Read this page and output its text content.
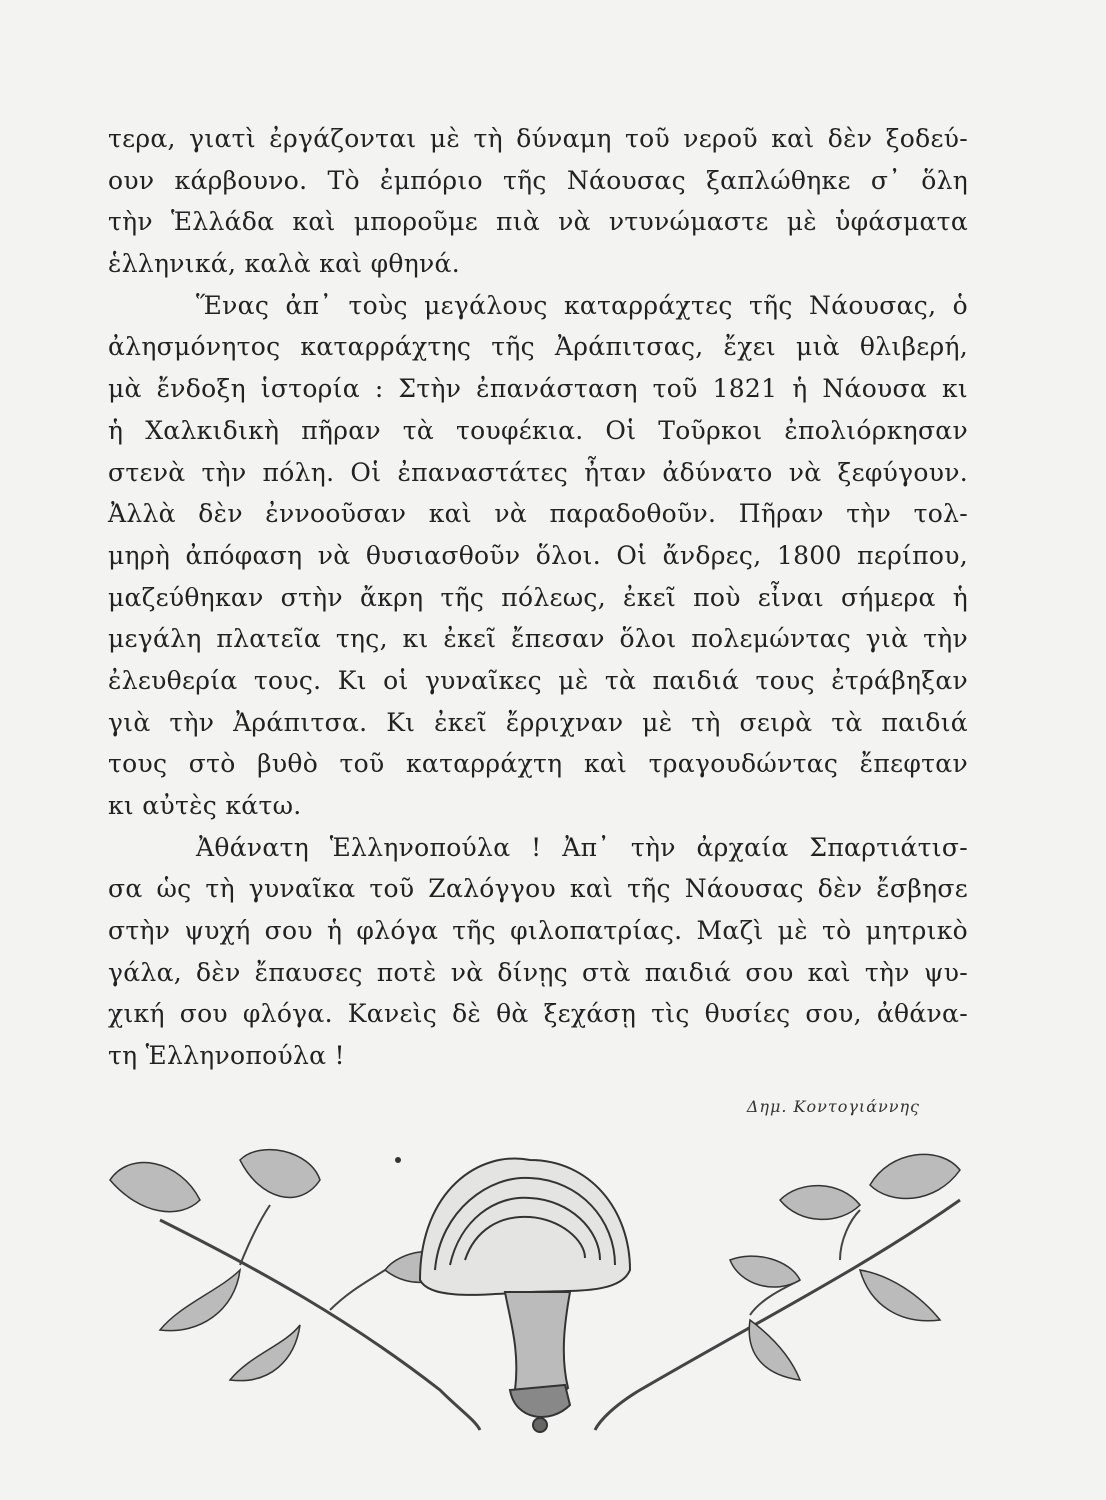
τερα, γιατὶ ἐργάζονται μὲ τὴ δύναμη τοῦ νεροῦ καὶ δὲν ξοδεύ-
ουν κάρβουνο. Τὸ ἐμπόριο τῆς Νάουσας ξαπλώθηκε σ᾽ ὅλη
τὴν Ἑλλάδα καὶ μποροῦμε πιὰ νὰ ντυνώμαστε μὲ ὑφάσματα
ἑλληνικά, καλὰ καὶ φθηνά.
Ἕνας ἀπ᾽ τοὺς μεγάλους καταρράχτες τῆς Νάουσας, ὁ
ἀλησμόνητος καταρράχτης τῆς Ἀράπιτσας, ἔχει μιὰ θλιβερή,
μὰ ἔνδοξη ἱστορία : Στὴν ἐπανάσταση τοῦ 1821 ἡ Νάουσα κι
ἡ Χαλκιδικὴ πῆραν τὰ τουφέκια. Οἱ Τοῦρκοι ἐπολιόρκησαν
στενὰ τὴν πόλη. Οἱ ἐπαναστάτες ἦταν ἀδύνατο νὰ ξεφύγουν.
Ἀλλὰ δὲν ἐννοοῦσαν καὶ νὰ παραδοθοῦν. Πῆραν τὴν τολ-
μηρὴ ἀπόφαση νὰ θυσιασθοῦν ὅλοι. Οἱ ἄνδρες, 1800 περίπου,
μαζεύθηκαν στὴν ἄκρη τῆς πόλεως, ἐκεῖ ποὺ εἶναι σήμερα ἡ
μεγάλη πλατεῖα της, κι ἐκεῖ ἔπεσαν ὅλοι πολεμώντας γιὰ τὴν
ἐλευθερία τους. Κι οἱ γυναῖκες μὲ τὰ παιδιά τους ἐτράβηξαν
γιὰ τὴν Ἀράπιτσα. Κι ἐκεῖ ἔρριχναν μὲ τὴ σειρὰ τὰ παιδιά
τους στὸ βυθὸ τοῦ καταρράχτη καὶ τραγουδώντας ἔπεφταν
κι αὐτὲς κάτω.
Ἀθάνατη Ἑλληνοπούλα ! Ἀπ᾽ τὴν ἀρχαία Σπαρτιάτισ-
σα ὡς τὴ γυναῖκα τοῦ Ζαλόγγου καὶ τῆς Νάουσας δὲν ἔσβησε
στὴν ψυχή σου ἡ φλόγα τῆς φιλοπατρίας. Μαζὶ μὲ τὸ μητρικὸ
γάλα, δὲν ἔπαυσες ποτὲ νὰ δίνῃς στὰ παιδιά σου καὶ τὴν ψυ-
χική σου φλόγα. Κανεὶς δὲ θὰ ξεχάσῃ τὶς θυσίες σου, ἀθάνα-
τη Ἑλληνοπούλα !
Δημ. Κοντογιάννης
